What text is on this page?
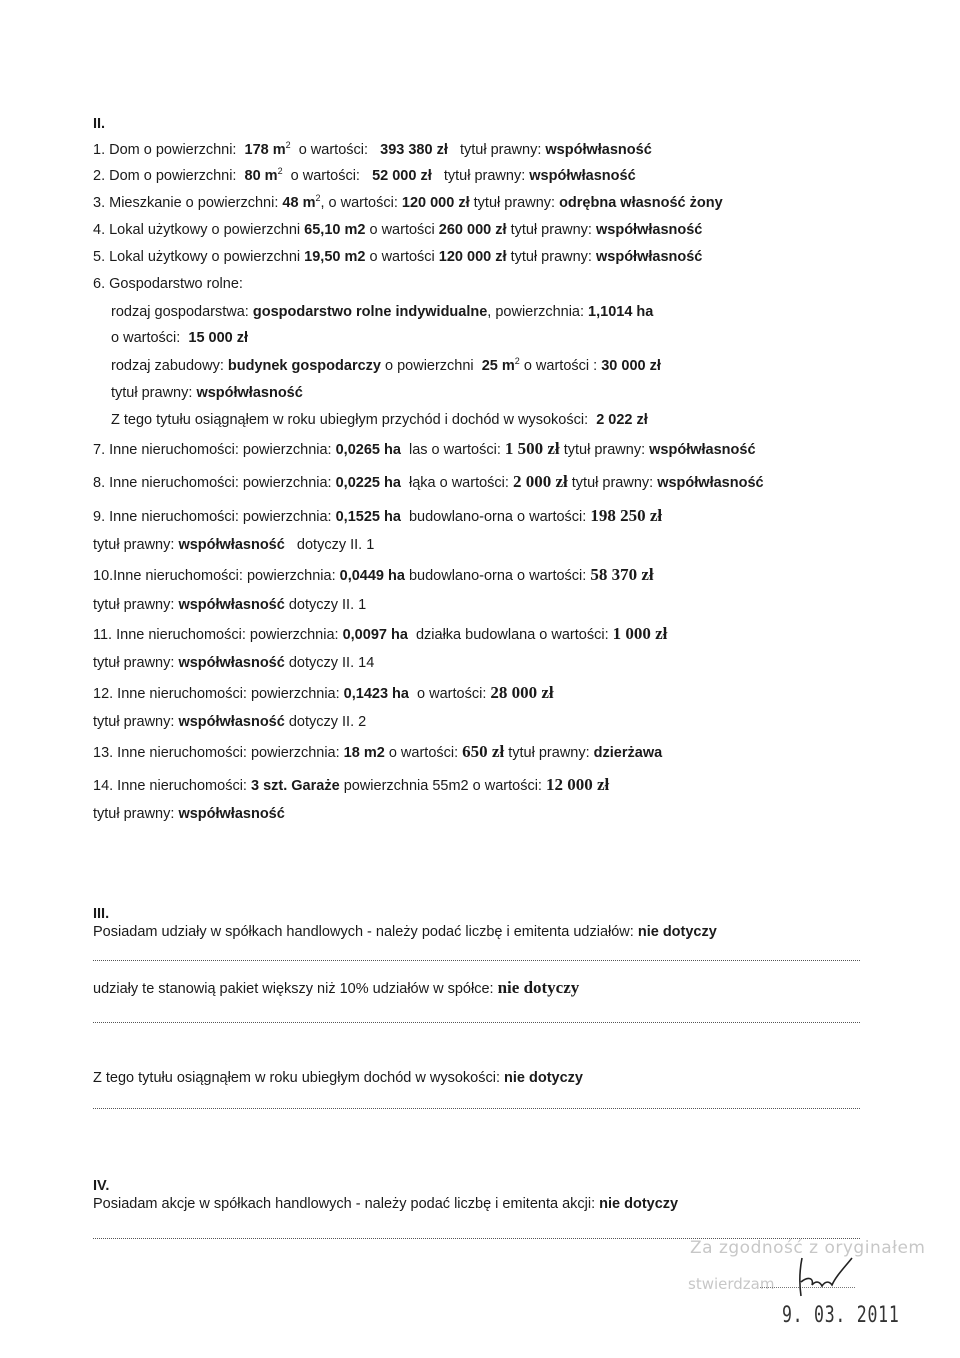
II.
1. Dom o powierzchni: 178 $m^2$ o wartości: 393 380 zł tytuł prawny: współwłasność
2. Dom o powierzchni: 80 $m^2$ o wartości: 52 000 zł tytuł prawny: współwłasność
3. Mieszkanie o powierzchni: 48 $m^2$, o wartości: 120 000 zł tytuł prawny: odrębna własność żony
4. Lokal użytkowy o powierzchni 65,10 m2 o wartości 260 000 zł tytuł prawny: współwłasność
5. Lokal użytkowy o powierzchni 19,50 m2 o wartości 120 000 zł tytuł prawny: współwłasność
6. Gospodarstwo rolne:
rodzaj gospodarstwa: gospodarstwo rolne indywidualne, powierzchnia: 1,1014 ha
o wartości: 15 000 zł
rodzaj zabudowy: budynek gospodarczy o powierzchni 25 $m^2$ o wartości : 30 000 zł
tytuł prawny: współwłasność
Z tego tytułu osiągnąłem w roku ubiegłym przychód i dochód w wysokości: 2 022 zł
7. Inne nieruchomości: powierzchnia: 0,0265 ha las o wartości: 1 500 zł tytuł prawny: współwłasność
8. Inne nieruchomości: powierzchnia: 0,0225 ha łąka o wartości: 2 000 zł tytuł prawny: współwłasność
9. Inne nieruchomości: powierzchnia: 0,1525 ha budowlano-orna o wartości: 198 250 zł
tytuł prawny: współwłasność dotyczy II. 1
10.Inne nieruchomości: powierzchnia: 0,0449 ha budowlano-orna o wartości: 58 370 zł
tytuł prawny: współwłasność dotyczy II. 1
11. Inne nieruchomości: powierzchnia: 0,0097 ha działka budowlana o wartości: 1 000 zł
tytuł prawny: współwłasność dotyczy II. 14
12. Inne nieruchomości: powierzchnia: 0,1423 ha o wartości: 28 000 zł
tytuł prawny: współwłasność dotyczy II. 2
13. Inne nieruchomości: powierzchnia: 18 m2 o wartości: 650 zł tytuł prawny: dzierżawa
14. Inne nieruchomości: 3 szt. Garaże powierzchnia 55m2 o wartości: 12 000 zł
tytuł prawny: współwłasność
III.
Posiadam udziały w spółkach handlowych - należy podać liczbę i emitenta udziałów: nie dotyczy
udziały te stanowią pakiet większy niż 10% udziałów w spółce: nie dotyczy
Z tego tytułu osiągnąłem w roku ubiegłym dochód w wysokości: nie dotyczy
IV.
Posiadam akcje w spółkach handlowych - należy podać liczbę i emitenta akcji: nie dotyczy
Za zgodność z oryginałem
stwierdzam
9. 03. 2011
